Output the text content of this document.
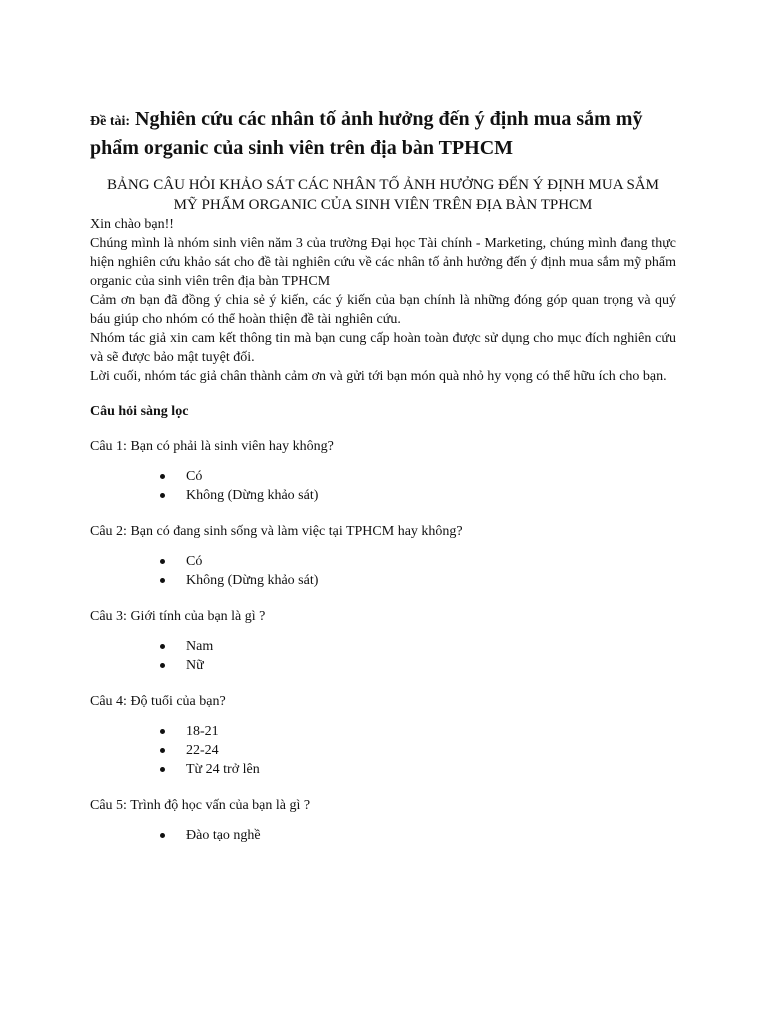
Đề tài: Nghiên cứu các nhân tố ảnh hưởng đến ý định mua sắm mỹ phẩm organic của sinh viên trên địa bàn TPHCM
BẢNG CÂU HỎI KHẢO SÁT CÁC NHÂN TỐ ẢNH HƯỞNG ĐẾN Ý ĐỊNH MUA SẮM
MỸ PHẨM ORGANIC CỦA SINH VIÊN TRÊN ĐỊA BÀN TPHCM

Xin chào bạn!!

Chúng mình là nhóm sinh viên năm 3 của trường Đại học Tài chính - Marketing, chúng mình đang thực hiện nghiên cứu khảo sát cho đề tài nghiên cứu về các nhân tố ảnh hưởng đến ý định mua sắm mỹ phẩm organic của sinh viên trên địa bàn TPHCM

Cảm ơn bạn đã đồng ý chia sẻ ý kiến, các ý kiến của bạn chính là những đóng góp quan trọng và quý báu giúp cho nhóm có thể hoàn thiện đề tài nghiên cứu.

Nhóm tác giả xin cam kết thông tin mà bạn cung cấp hoàn toàn được sử dụng cho mục đích nghiên cứu và sẽ được bảo mật tuyệt đối.

Lời cuối, nhóm tác giả chân thành cảm ơn và gửi tới bạn món quà nhỏ hy vọng có thể hữu ích cho bạn.

Câu hỏi sàng lọc

Câu 1: Bạn có phải là sinh viên hay không?

Có
Không (Dừng khảo sát)

Câu 2: Bạn có đang sinh sống và làm việc tại TPHCM hay không?

Có
Không (Dừng khảo sát)

Câu 3: Giới tính của bạn là gì ?

Nam
Nữ

Câu 4: Độ tuổi của bạn?

18-21
22-24
Từ 24 trở lên

Câu 5: Trình độ học vấn của bạn là gì ?

Đào tạo nghề
